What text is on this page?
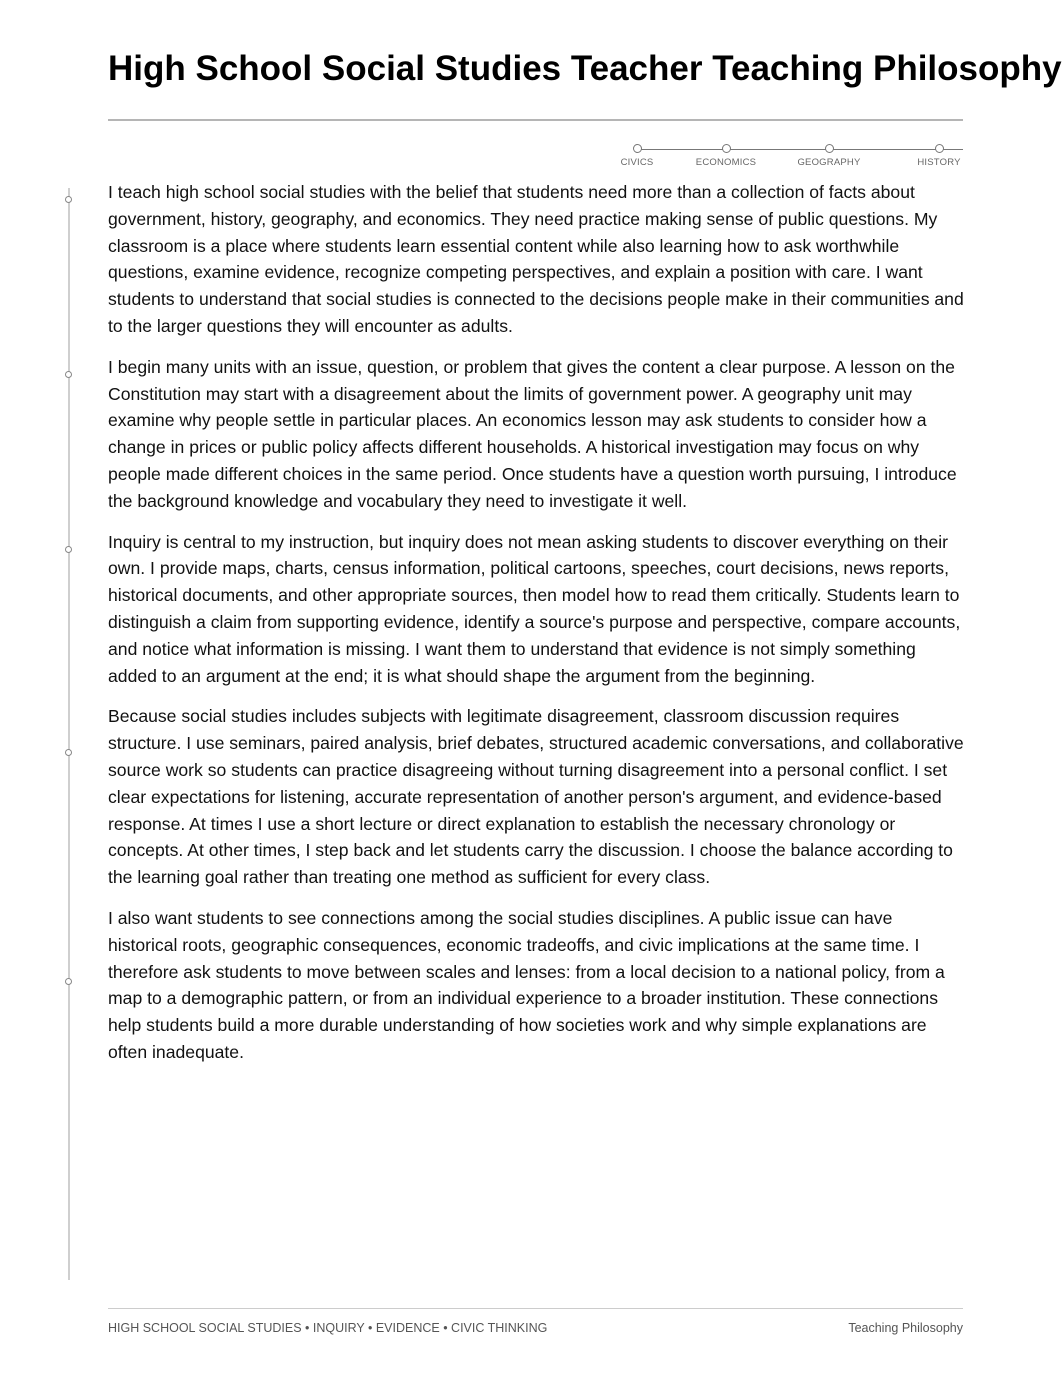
High School Social Studies Teacher Teaching Philosophy
CIVICS	ECONOMICS	GEOGRAPHY	HISTORY

I teach high school social studies with the belief that students need more than a collection of facts about government, history, geography, and economics. They need practice making sense of public questions. My classroom is a place where students learn essential content while also learning how to ask worthwhile questions, examine evidence, recognize competing perspectives, and explain a position with care. I want students to understand that social studies is connected to the decisions people make in their communities and to the larger questions they will encounter as adults.

I begin many units with an issue, question, or problem that gives the content a clear purpose. A lesson on the Constitution may start with a disagreement about the limits of government power. A geography unit may examine why people settle in particular places. An economics lesson may ask students to consider how a change in prices or public policy affects different households. A historical investigation may focus on why people made different choices in the same period. Once students have a question worth pursuing, I introduce the background knowledge and vocabulary they need to investigate it well.

Inquiry is central to my instruction, but inquiry does not mean asking students to discover everything on their own. I provide maps, charts, census information, political cartoons, speeches, court decisions, news reports, historical documents, and other appropriate sources, then model how to read them critically. Students learn to distinguish a claim from supporting evidence, identify a source's purpose and perspective, compare accounts, and notice what information is missing. I want them to understand that evidence is not simply something added to an argument at the end; it is what should shape the argument from the beginning.

Because social studies includes subjects with legitimate disagreement, classroom discussion requires structure. I use seminars, paired analysis, brief debates, structured academic conversations, and collaborative source work so students can practice disagreeing without turning disagreement into a personal conflict. I set clear expectations for listening, accurate representation of another person's argument, and evidence-based response. At times I use a short lecture or direct explanation to establish the necessary chronology or concepts. At other times, I step back and let students carry the discussion. I choose the balance according to the learning goal rather than treating one method as sufficient for every class.

I also want students to see connections among the social studies disciplines. A public issue can have historical roots, geographic consequences, economic tradeoffs, and civic implications at the same time. I therefore ask students to move between scales and lenses: from a local decision to a national policy, from a map to a demographic pattern, or from an individual experience to a broader institution. These connections help students build a more durable understanding of how societies work and why simple explanations are often inadequate.

HIGH SCHOOL SOCIAL STUDIES • INQUIRY • EVIDENCE • CIVIC THINKING	Teaching Philosophy
